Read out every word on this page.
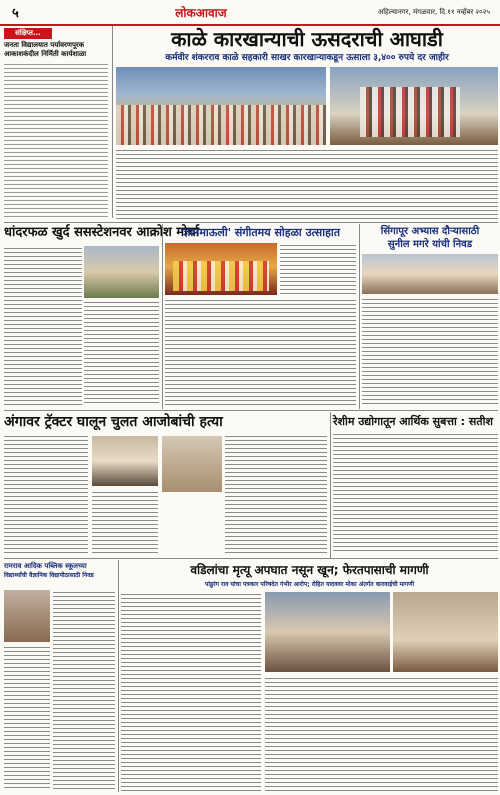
५	लोकआवाज	अहिल्यानगर, मंगळवार, दि.११ नव्हेंबर २०२५
संक्षिप्त...
जनता विद्यालयात पर्यावरणपूरक आकाशकंदील निर्मिती कार्यशाळा
काळे कारखान्याची ऊसदराची आघाडी
कर्मवीर शंकरराव काळे सहकारी साखर कारखान्याकडून ऊसाला ३,४०० रुपये दर जाहीर
धांदरफळ खुर्द ससस्टेशनवर आक्रोश मोर्चा
'ज्ञानमाऊली' संगीतमय सोहळा उत्साहात	सिंगापूर अभ्यास दौऱ्यासाठी
सुनील मगरे यांची निवड
अंगावर ट्रॅक्टर घालून चुलत आजोबांची हत्या	रेशीम उद्योगातून आर्थिक सुबत्ता : सतीश
रामराव आदिक पब्लिक स्कूलच्या
विद्यार्थ्यांची वैज्ञानिक विद्यापीठासाठी निवड	वडिलांचा मृत्यू अपघात नसून खून; फेरतपासाची मागणी
पांडुरंग राव यांचा पत्रकार परिषदेत गंभीर आरोप; रोहित यादववर मोका अंतर्गत कारवाईची मागणी
